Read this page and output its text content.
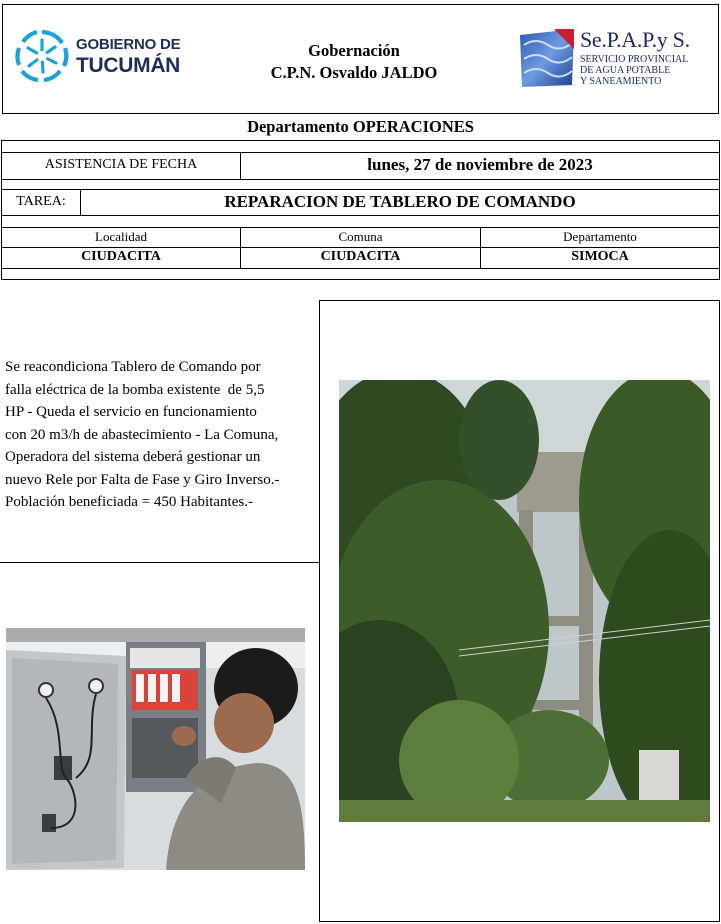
GOBIERNO DE
TUCUMÁN
Gobernación
C.P.N. Osvaldo JALDO
Se.P.A.P.y S.
SERVICIO PROVINCIAL
DE AGUA POTABLE
Y SANEAMIENTO
Departamento OPERACIONES
ASISTENCIA DE FECHA	lunes, 27 de noviembre de 2023
TAREA:	REPARACION DE TABLERO DE COMANDO
Localidad	Comuna	Departamento
CIUDACITA	CIUDACITA	SIMOCA
Se reacondiciona Tablero de Comando por
falla eléctrica de la bomba existente  de 5,5
HP - Queda el servicio en funcionamiento
con 20 m3/h de abastecimiento - La Comuna,
Operadora del sistema deberá gestionar un
nuevo Rele por Falta de Fase y Giro Inverso.-
Población beneficiada = 450 Habitantes.-
